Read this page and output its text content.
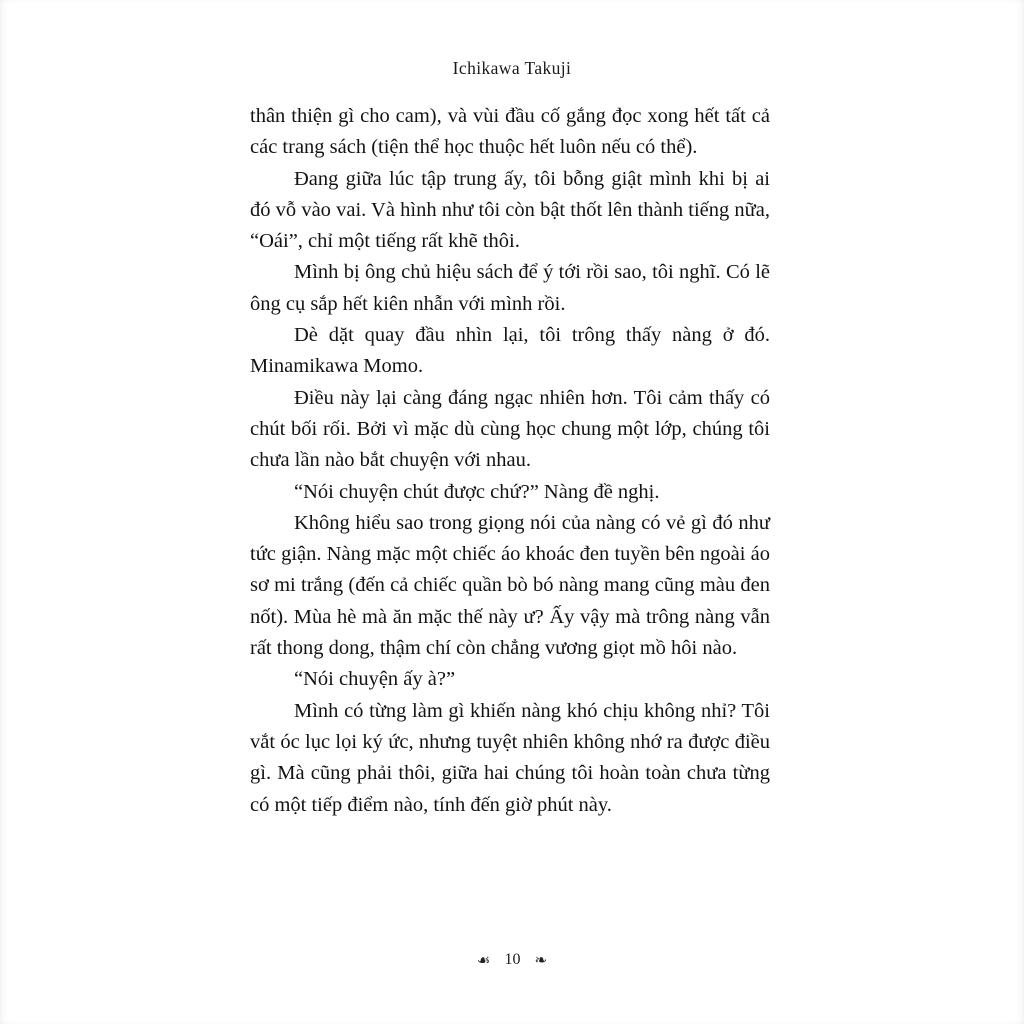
Ichikawa Takuji

thân thiện gì cho cam), và vùi đầu cố gắng đọc xong hết tất cả các trang sách (tiện thể học thuộc hết luôn nếu có thể).

Đang giữa lúc tập trung ấy, tôi bỗng giật mình khi bị ai đó vỗ vào vai. Và hình như tôi còn bật thốt lên thành tiếng nữa, “Oái”, chỉ một tiếng rất khẽ thôi.

Mình bị ông chủ hiệu sách để ý tới rồi sao, tôi nghĩ. Có lẽ ông cụ sắp hết kiên nhẫn với mình rồi.

Dè dặt quay đầu nhìn lại, tôi trông thấy nàng ở đó. Minamikawa Momo.

Điều này lại càng đáng ngạc nhiên hơn. Tôi cảm thấy có chút bối rối. Bởi vì mặc dù cùng học chung một lớp, chúng tôi chưa lần nào bắt chuyện với nhau.

“Nói chuyện chút được chứ?” Nàng đề nghị.

Không hiểu sao trong giọng nói của nàng có vẻ gì đó như tức giận. Nàng mặc một chiếc áo khoác đen tuyền bên ngoài áo sơ mi trắng (đến cả chiếc quần bò bó nàng mang cũng màu đen nốt). Mùa hè mà ăn mặc thế này ư? Ấy vậy mà trông nàng vẫn rất thong dong, thậm chí còn chẳng vương giọt mồ hôi nào.

“Nói chuyện ấy à?”

Mình có từng làm gì khiến nàng khó chịu không nhỉ? Tôi vắt óc lục lọi ký ức, nhưng tuyệt nhiên không nhớ ra được điều gì. Mà cũng phải thôi, giữa hai chúng tôi hoàn toàn chưa từng có một tiếp điểm nào, tính đến giờ phút này.

☙ 10 ❧
